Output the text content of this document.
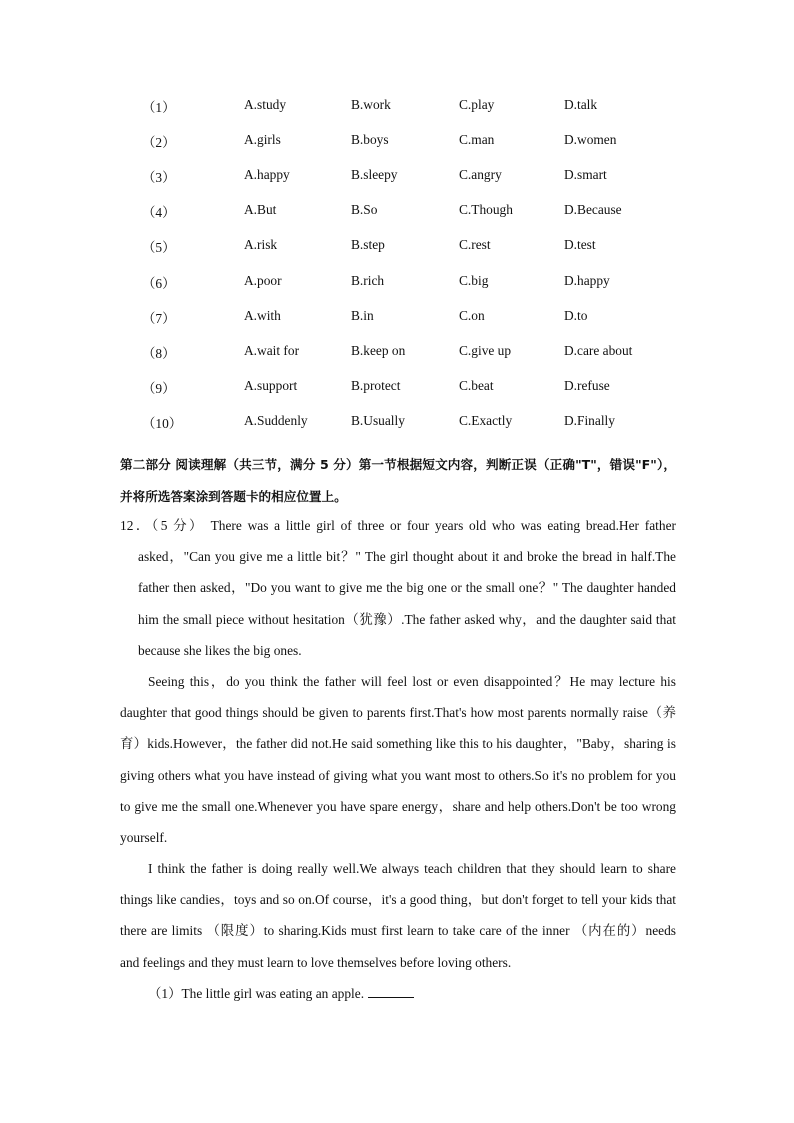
（1）	A.study	B.work	C.play	D.talk
（2）	A.girls	B.boys	C.man	D.women
（3）	A.happy	B.sleepy	C.angry	D.smart
（4）	A.But	B.So	C.Though	D.Because
（5）	A.risk	B.step	C.rest	D.test
（6）	A.poor	B.rich	C.big	D.happy
（7）	A.with	B.in	C.on	D.to
（8）	A.wait for	B.keep on	C.give up	D.care about
（9）	A.support	B.protect	C.beat	D.refuse
（10）	A.Suddenly	B.Usually	C.Exactly	D.Finally
第二部分 阅读理解（共三节，满分 5 分）第一节根据短文内容，判断正误（正确"T"，错误"F"），并将所选答案涂到答题卡的相应位置上。
12．（5 分） There was a little girl of three or four years old who was eating bread.Her father asked，"Can you give me a little bit？" The girl thought about it and broke the bread in half.The father then asked，"Do you want to give me the big one or the small one？" The daughter handed him the small piece without hesitation（犹豫）.The father asked why，and the daughter said that because she likes the big ones.
Seeing this，do you think the father will feel lost or even disappointed？He may lecture his daughter that good things should be given to parents first.That's how most parents normally raise（养育）kids.However，the father did not.He said something like this to his daughter，"Baby，sharing is giving others what you have instead of giving what you want most to others.So it's no problem for you to give me the small one.Whenever you have spare energy，share and help others.Don't be too wrong yourself.
I think the father is doing really well.We always teach children that they should learn to share things like candies，toys and so on.Of course，it's a good thing，but don't forget to tell your kids that there are limits （限度）to sharing.Kids must first learn to take care of the inner （内在的）needs and feelings and they must learn to love themselves before loving others.
（1）The little girl was eating an apple.
